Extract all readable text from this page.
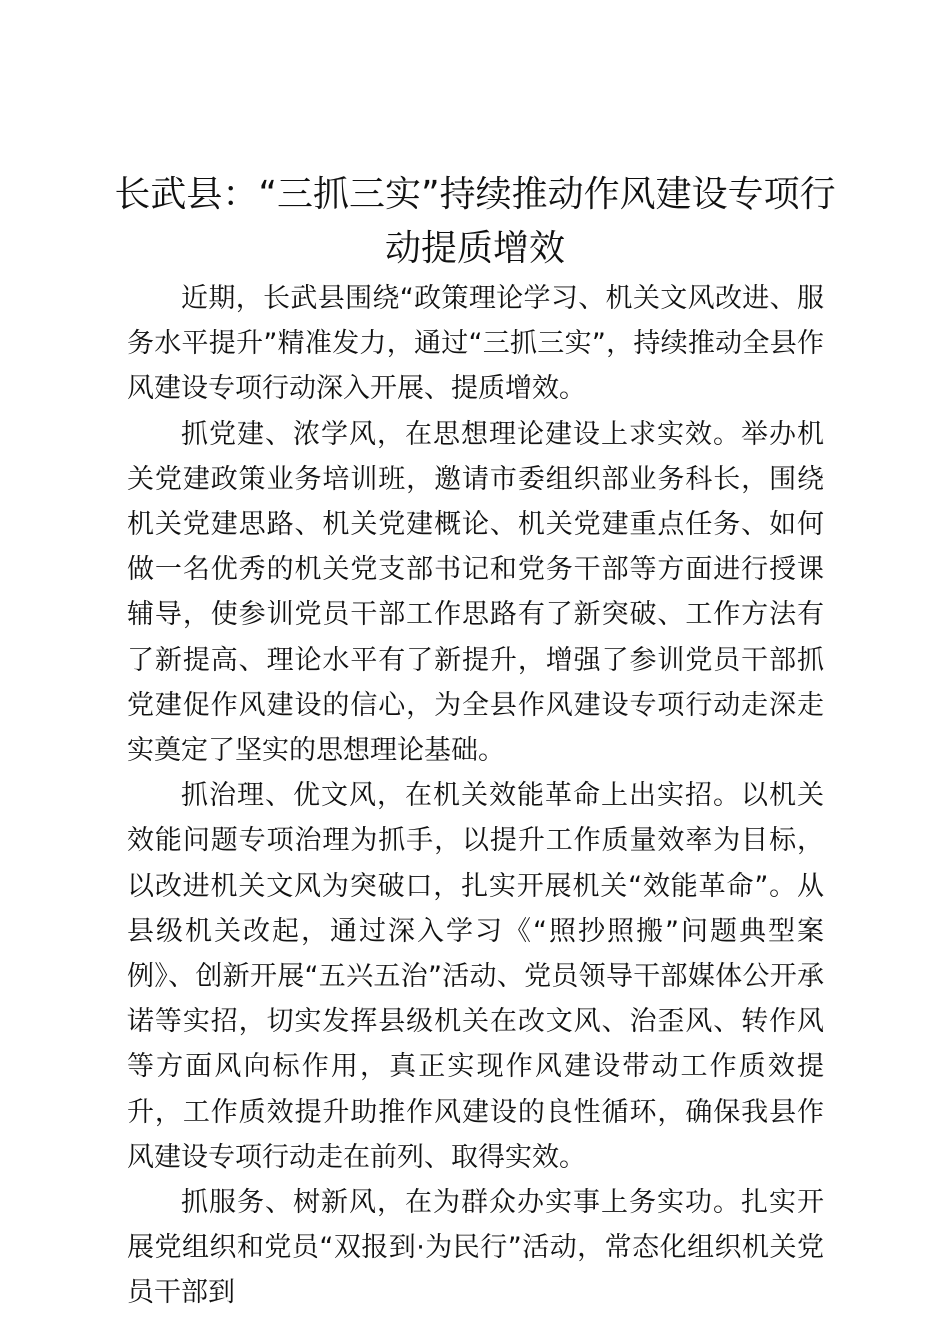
长武县：“三抓三实”持续推动作风建设专项行动提质增效

近期，长武县围绕“政策理论学习、机关文风改进、服务水平提升”精准发力，通过“三抓三实”，持续推动全县作风建设专项行动深入开展、提质增效。

抓党建、浓学风，在思想理论建设上求实效。举办机关党建政策业务培训班，邀请市委组织部业务科长，围绕机关党建思路、机关党建概论、机关党建重点任务、如何做一名优秀的机关党支部书记和党务干部等方面进行授课辅导，使参训党员干部工作思路有了新突破、工作方法有了新提高、理论水平有了新提升，增强了参训党员干部抓党建促作风建设的信心，为全县作风建设专项行动走深走实奠定了坚实的思想理论基础。

抓治理、优文风，在机关效能革命上出实招。以机关效能问题专项治理为抓手，以提升工作质量效率为目标，以改进机关文风为突破口，扎实开展机关“效能革命”。从县级机关改起，通过深入学习《“照抄照搬”问题典型案例》、创新开展“五兴五治”活动、党员领导干部媒体公开承诺等实招，切实发挥县级机关在改文风、治歪风、转作风等方面风向标作用，真正实现作风建设带动工作质效提升，工作质效提升助推作风建设的良性循环，确保我县作风建设专项行动走在前列、取得实效。

抓服务、树新风，在为群众办实事上务实功。扎实开展党组织和党员“双报到·为民行”活动，常态化组织机关党员干部到
